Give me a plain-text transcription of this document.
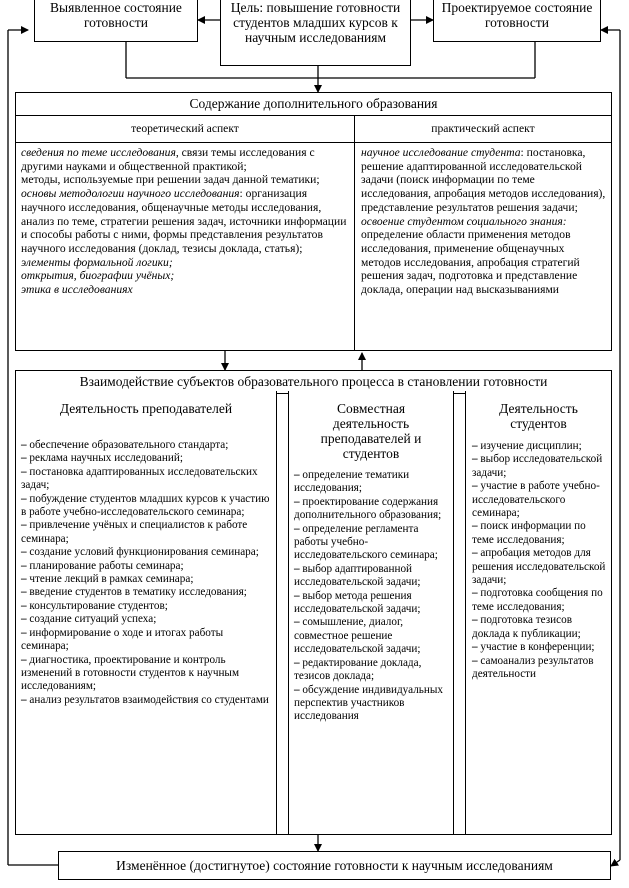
Выявленное состояние готовности
Цель: повышение готовности студентов младших курсов к научным исследованиям
Проектируемое состояние готовности
Содержание дополнительного образования
теоретический аспект	практический аспект
сведения по теме исследования, связи темы исследования с другими науками и общественной практикой;
методы, используемые при решении задач данной тематики;
основы методологии научного исследования: организация научного исследования, общенаучные методы исследования, анализ по теме, стратегии решения задач, источники информации и способы работы с ними, формы представления результатов научного исследования (доклад, тезисы доклада, статья);
элементы формальной логики;
открытия, биографии учёных;
этика в исследованиях
научное исследование студента: постановка, решение адаптированной исследовательской задачи (поиск информации по теме исследования, апробация методов исследования), представление результатов решения задачи;
освоение студентом социального знания: определение области применения методов исследования, применение общенаучных методов исследования, апробация стратегий решения задач, подготовка и представление доклада, операции над высказываниями
Взаимодействие субъектов образовательного процесса в становлении готовности
Деятельность преподавателей
– обеспечение образовательного стандарта;
– реклама научных исследований;
– постановка адаптированных исследовательских задач;
– побуждение студентов младших курсов к участию в работе учебно-исследовательского семинара;
– привлечение учёных и специалистов к работе семинара;
– создание условий функционирования семинара;
– планирование работы семинара;
– чтение лекций в рамках семинара;
– введение студентов в тематику исследования;
– консультирование студентов;
– создание ситуаций успеха;
– информирование о ходе и итогах работы семинара;
– диагностика, проектирование и контроль изменений в готовности студентов к научным исследованиям;
– анализ результатов взаимодействия со студентами
Совместная деятельность преподавателей и студентов
– определение тематики исследования;
– проектирование содержания дополнительного образования;
– определение регламента работы учебно-исследовательского семинара;
– выбор адаптированной исследовательской задачи;
– выбор метода решения исследовательской задачи;
– сомышление, диалог, совместное решение исследовательской задачи;
– редактирование доклада, тезисов доклада;
– обсуждение индивидуальных перспектив участников исследования
Деятельность студентов
– изучение дисциплин;
– выбор исследовательской задачи;
– участие в работе учебно-исследовательского семинара;
– поиск информации по теме исследования;
– апробация методов для решения исследовательской задачи;
– подготовка сообщения по теме исследования;
– подготовка тезисов доклада к публикации;
– участие в конференции;
– самоанализ результатов деятельности
Изменённое (достигнутое) состояние готовности к научным исследованиям
